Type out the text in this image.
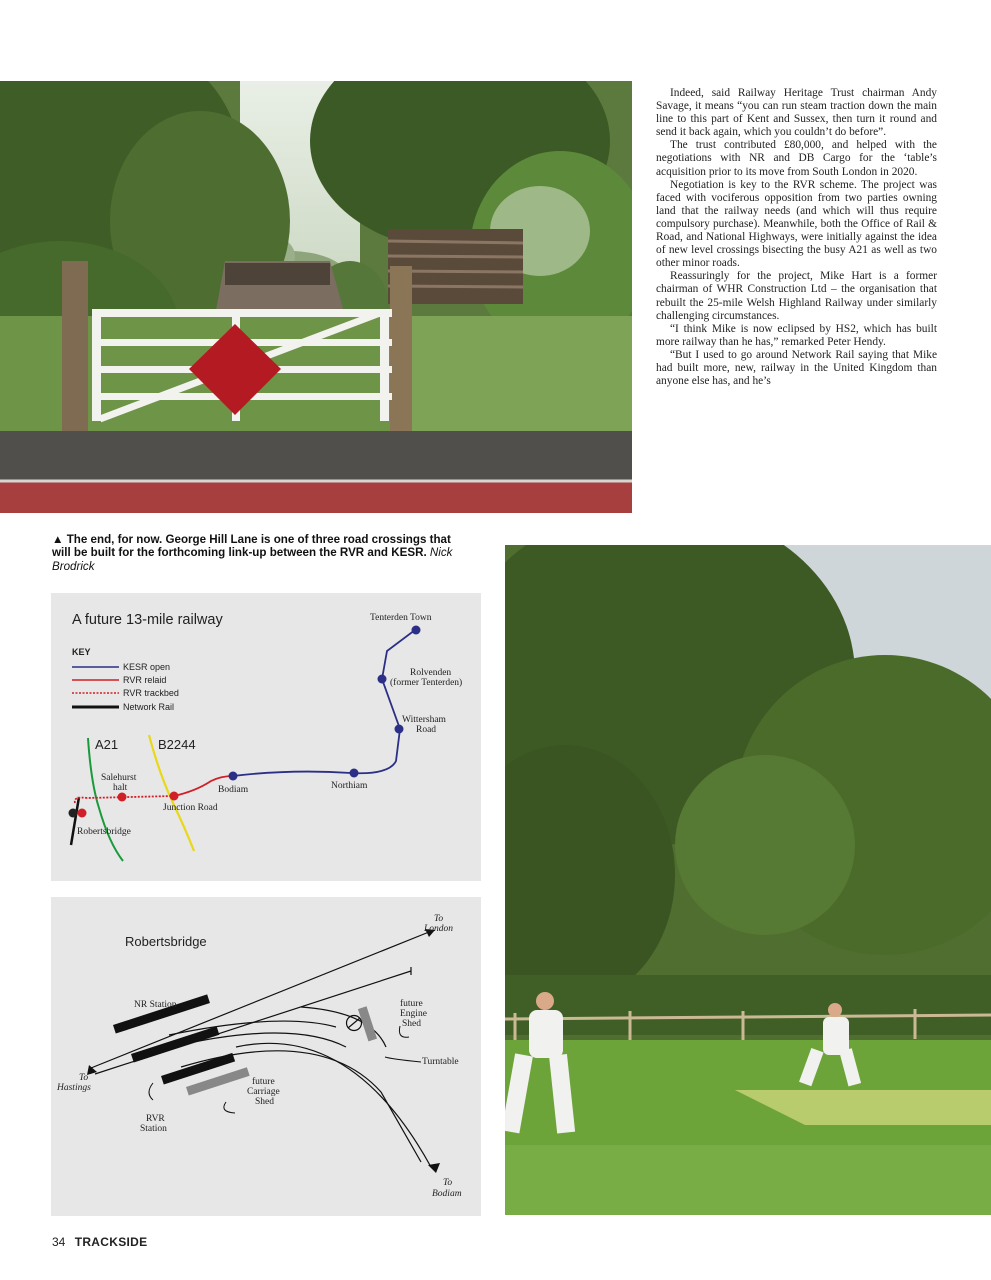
Indeed, said Railway Heritage Trust chairman Andy Savage, it means “you can run steam traction down the main line to this part of Kent and Sussex, then turn it round and send it back again, which you couldn’t do before”.

The trust contributed £80,000, and helped with the negotiations with NR and DB Cargo for the ‘table’s acquisition prior to its move from South London in 2020.

Negotiation is key to the RVR scheme. The project was faced with vociferous opposition from two parties owning land that the railway needs (and which will thus require compulsory purchase). Meanwhile, both the Office of Rail & Road, and National Highways, were initially against the idea of new level crossings bisecting the busy A21 as well as two other minor roads.

Reassuringly for the project, Mike Hart is a former chairman of WHR Construction Ltd – the organisation that rebuilt the 25-mile Welsh Highland Railway under similarly challenging circumstances.

“I think Mike is now eclipsed by HS2, which has built more railway than he has,” remarked Peter Hendy.

“But I used to go around Network Rail saying that Mike had built more, new, railway in the United Kingdom than anyone else has, and he’s

▲ The end, for now. George Hill Lane is one of three road crossings that will be built for the forthcoming link-up between the RVR and KESR. Nick Brodrick
A future 13-mile railway
KEY
KESR open
RVR relaid
RVR trackbed
Network Rail
A21	B2244
Tenterden Town
Rolvenden
(former Tenterden)
Wittersham
Road
Northiam
Bodiam
Junction Road
Salehurst
halt
Robertsbridge
Robertsbridge
To
London
To
Hastings
To
Bodiam
NR Station
RVR
Station
future
Carriage
Shed
future
Engine
Shed
Turntable
34 TRACKSIDE
